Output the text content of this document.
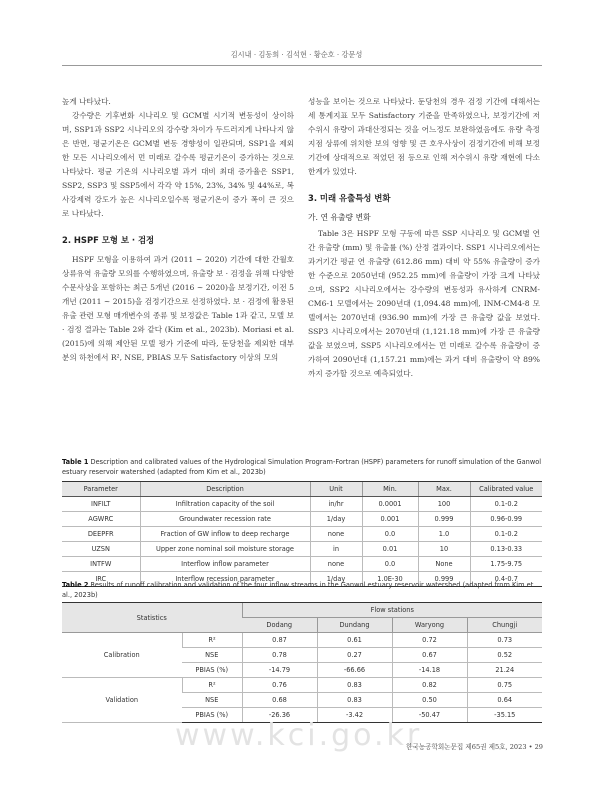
김시내 · 김동희 · 김석현 · 황순호 · 강문성

높게 나타났다.

강수량은 기후변화 시나리오 및 GCM별 시기적 변동성이 상이하며, SSP1과 SSP2 시나리오의 강수량 차이가 두드러지게 나타나지 않은 반면, 평균기온은 GCM별 변동 경향성이 일관되며, SSP1을 제외한 모든 시나리오에서 먼 미래로 갈수록 평균기온이 증가하는 것으로 나타났다. 평균 기온의 시나리오별 과거 대비 최대 증가율은 SSP1, SSP2, SSP3 및 SSP5에서 각각 약 15%, 23%, 34% 및 44%로, 복사강제력 강도가 높은 시나리오일수록 평균기온이 증가 폭이 큰 것으로 나타났다.

2. HSPF 모형 보 · 검정

HSPF 모형을 이용하여 과거 (2011 ~ 2020) 기간에 대한 간월호 상류유역 유출량 모의를 수행하였으며, 유출량 보 · 검정을 위해 다양한 수문사상을 포함하는 최근 5개년 (2016 ~ 2020)을 보정기간, 이전 5개년 (2011 ~ 2015)을 검정기간으로 선정하였다. 보 · 검정에 활용된 유출 관련 모형 매개변수의 종류 및 보정값은 Table 1과 같고, 모델 보 · 검정 결과는 Table 2와 같다 (Kim et al., 2023b). Moriasi et al. (2015)에 의해 제안된 모델 평가 기준에 따라, 둔당천을 제외한 대부분의 하천에서 R², NSE, PBIAS 모두 Satisfactory 이상의 모의

성능을 보이는 것으로 나타났다. 둔당천의 경우 검정 기간에 대해서는 세 통계지표 모두 Satisfactory 기준을 만족하였으나, 보정기간에 저수위시 유량이 과대산정되는 것을 어느정도 보완하였음에도 유량 측정지점 상류에 위치한 보의 영향 및 큰 호우사상이 검정기간에 비해 보정기간에 상대적으로 적었던 점 등으로 인해 저수위시 유량 재현에 다소 한계가 있었다.

3. 미래 유출특성 변화
가. 연 유출량 변화

Table 3은 HSPF 모형 구동에 따른 SSP 시나리오 및 GCM별 연간 유출량 (mm) 및 유출률 (%) 산정 결과이다. SSP1 시나리오에서는 과거기간 평균 연 유출량 (612.86 mm) 대비 약 55% 유출량이 증가한 수준으로 2050년대 (952.25 mm)에 유출량이 가장 크게 나타났으며, SSP2 시나리오에서는 강수량의 변동성과 유사하게 CNRM-CM6-1 모델에서는 2090년대 (1,094.48 mm)에, INM-CM4-8 모델에서는 2070년대 (936.90 mm)에 가장 큰 유출량 값을 보였다. SSP3 시나리오에서는 2070년대 (1,121.18 mm)에 가장 큰 유출량 값을 보였으며, SSP5 시나리오에서는 먼 미래로 갈수록 유출량이 증가하여 2090년대 (1,157.21 mm)에는 과거 대비 유출량이 약 89%까지 증가할 것으로 예측되었다.

Table 1 Description and calibrated values of the Hydrological Simulation Program-Fortran (HSPF) parameters for runoff simulation of the Ganwol estuary reservoir watershed (adapted from Kim et al., 2023b)
Parameter	Description	Unit	Min.	Max.	Calibrated value
INFILT	Infiltration capacity of the soil	in/hr	0.0001	100	0.1-0.2
AGWRC	Groundwater recession rate	1/day	0.001	0.999	0.96-0.99
DEEPFR	Fraction of GW inflow to deep recharge	none	0.0	1.0	0.1-0.2
UZSN	Upper zone nominal soil moisture storage	in	0.01	10	0.13-0.33
INTFW	Interflow inflow parameter	none	0.0	None	1.75-9.75
IRC	Interflow recession parameter	1/day	1.0E-30	0.999	0.4-0.7
Table 2 Results of runoff calibration and validation of the four inflow streams in the Ganwol estuary reservoir watershed (adapted from Kim et al., 2023b)
Statistics		Flow stations			
		Dodang	Dundang	Waryong	Chungji
Calibration	R²	0.87	0.61	0.72	0.73
	NSE	0.78	0.27	0.67	0.52
	PBIAS (%)	-14.79	-66.66	-14.18	21.24
Validation	R²	0.76	0.83	0.82	0.75
	NSE	0.68	0.83	0.50	0.64
	PBIAS (%)	-26.36	-3.42	-50.47	-35.15
www.kci.go.kr
한국농공학회논문집 제65권 제5호, 2023 • 29
